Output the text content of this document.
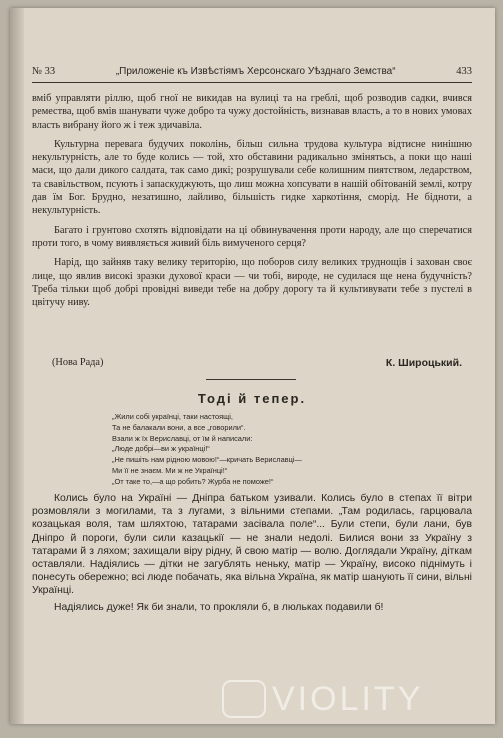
№ 33	„Приложеніе къ Извѣстіямъ Херсонскаго Уѣзднаго Земства“	433

вміб управляти ріллю, щоб гної не викидав на вулиці та на греблі, щоб розводив садки, вчився ремества, щоб вмів шанувати чуже добро та чужу достойність, визнавав власть, а то в нових умовах власть вибрану його ж і теж здичавіла.

Культурна перевага будучих поколінь, більш сильна трудова культура відтисне нинішню некультурність, але то буде колись — той, хто обставини радикально змінятьсь, а поки що наші маси, що дали дикого салдата, так само дикі; розрушували себе колишним пиятством, ледарством, та свавільством, псують і запаскуджують, що лиш можна хопсувати в нашій обітованій землі, котру дав їм Бог. Брудно, незатишно, лайливо, більшість гидке харкотіння, сморід. Не бідноти, а некультурність.

Багато і грунтово схотять відповідати на ці обвинувачення проти народу, але що сперечатися проти того, в чому виявляється живий біль вимученого серця?

Нарід, що зайняв таку велику територію, що поборов силу великих труднощів і захован своє лице, що явлив високі зразки духової краси — чи тобі, вироде, не судилася ще нена будучність? Треба тільки щоб добрі провідні виведи тебе на добру дорогу та й культивувати тебе з пустелі в цвітучу ниву.

(Нова Рада)	К. Широцький.
Тоді й тепер.
„Жили собі українці, таки настоящі,
Та не балакали вони, а все „говорили“.
Взали ж їх Вериславці, от їм й написали:
„Люде добрі—ви ж українці!“
„Не пишіть нам рідною мовою!“—кричать Вериславці—
Ми її не знаєм. Ми ж не Українці!“
„От таке то,—а що робить? Журба не поможе!“

Колись було на Україні — Дніпра батьком узивали. Колись було в степах її вітри розмовляли з могилами, та з лугами, з вільними степами. „Там родилась, гарцювала козацькая воля, там шляхтою, татарами засівала поле“... Були степи, були лани, був Дніпро й пороги, були сили казацькії — не знали недолі. Билися вони зз Україну з татарами й з ляхом; захищали віру рідну, й свою матір — волю. Доглядали Україну, діткам оставляли. Надіялись — дітки не загублять неньку, матір — Україну, високо піднімуть і понесуть обережно; всі люде побачать, яка вільна Україна, як матір шанують її сини, вільні Українці.

Надіялись дуже! Як би знали, то прокляли б, в люльках подавили б!

VIOLITY
